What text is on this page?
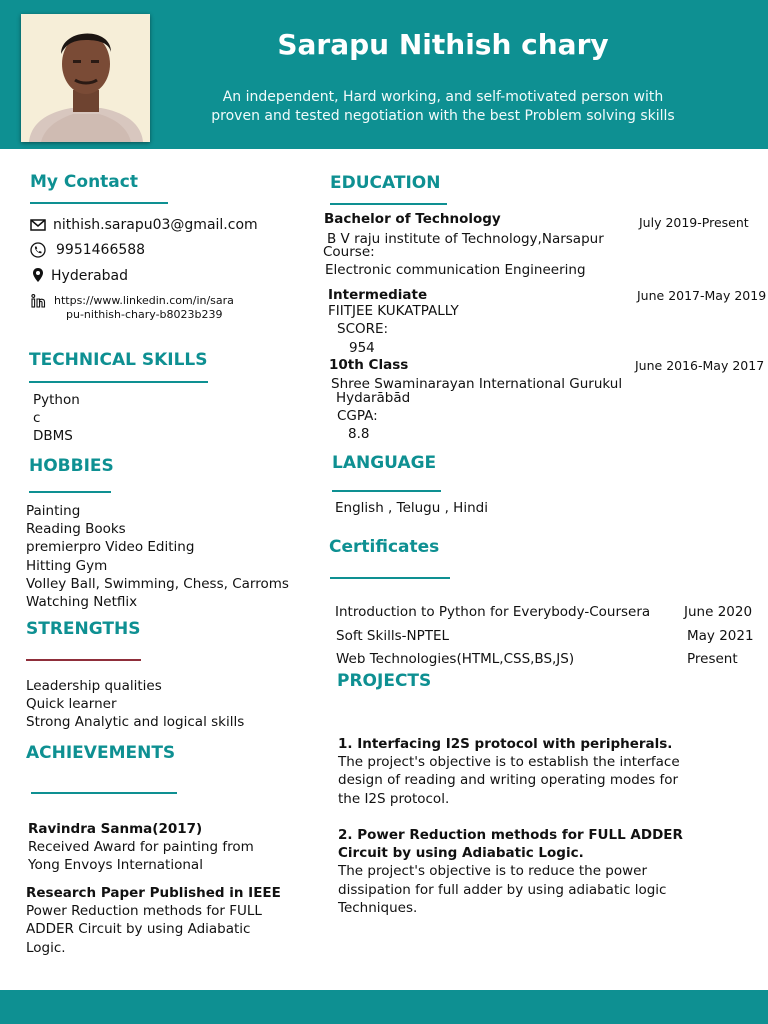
Sarapu Nithish chary
An independent, Hard working, and self-motivated person with
proven and tested negotiation with the best Problem solving skills
My Contact
nithish.sarapu03@gmail.com
9951466588
Hyderabad
https://www.linkedin.com/in/sara
pu-nithish-chary-b8023b239
TECHNICAL SKILLS
Python
c
DBMS
HOBBIES
Painting
Reading Books
premierpro Video Editing
Hitting Gym
Volley Ball, Swimming, Chess, Carroms
Watching Netflix
STRENGTHS
Leadership qualities
Quick learner
Strong Analytic and logical skills
ACHIEVEMENTS
Ravindra Sanma(2017)
Received Award for painting from
Yong Envoys International
Research Paper Published in IEEE
Power Reduction methods for FULL
ADDER Circuit by using Adiabatic
Logic.
EDUCATION
Bachelor of Technology	July 2019-Present
B V raju institute of Technology,Narsapur
Course:
Electronic communication Engineering
Intermediate	June 2017-May 2019
FIITJEE KUKATPALLY
SCORE:
954
10th Class	June 2016-May 2017
Shree Swaminarayan International Gurukul
Hydarābād
CGPA:
8.8
LANGUAGE
English , Telugu , Hindi
Certificates
Introduction to Python for Everybody-Coursera	June 2020
Soft Skills-NPTEL	May 2021
Web Technologies(HTML,CSS,BS,JS)	Present
PROJECTS
1. Interfacing I2S protocol with peripherals.
The project's objective is to establish the interface
design of reading and writing operating modes for
the I2S protocol.
2. Power Reduction methods for FULL ADDER
Circuit by using Adiabatic Logic.
The project's objective is to reduce the power
dissipation for full adder by using adiabatic logic
Techniques.
